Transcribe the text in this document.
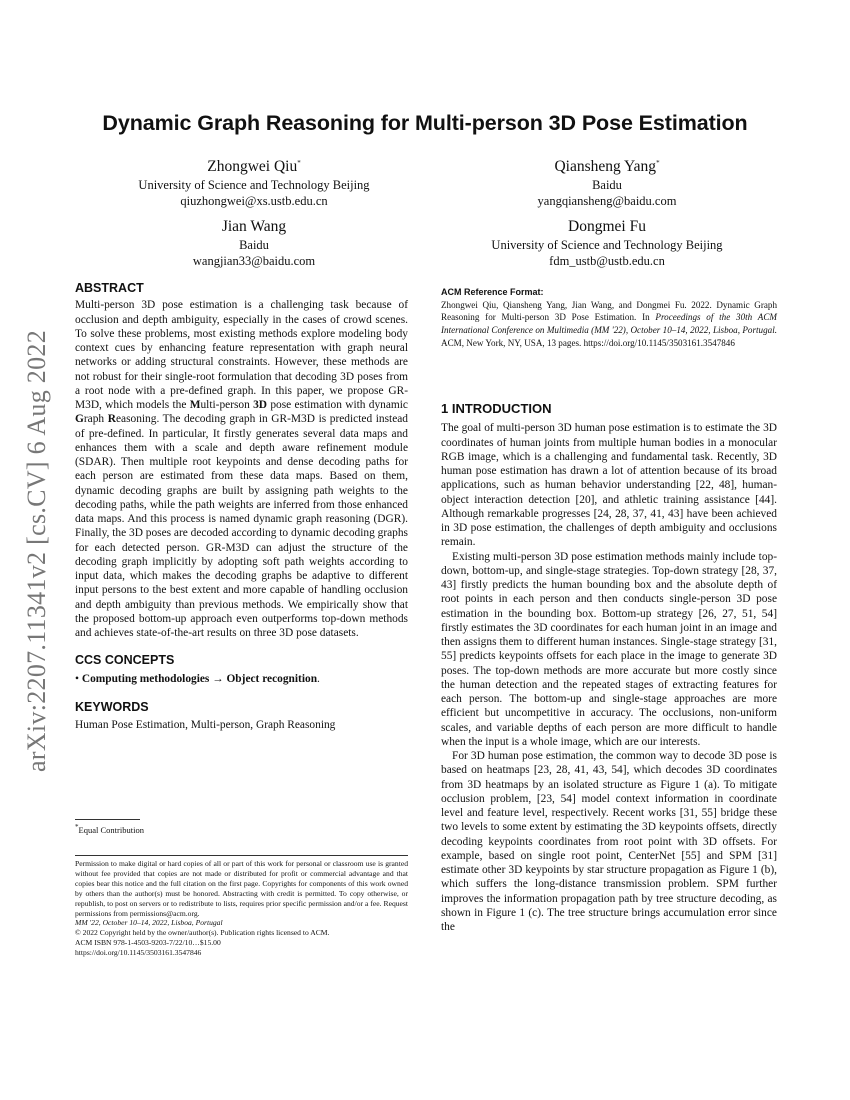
arXiv:2207.11341v2 [cs.CV] 6 Aug 2022
Dynamic Graph Reasoning for Multi-person 3D Pose Estimation
Zhongwei Qiu*
University of Science and Technology Beijing
qiuzhongwei@xs.ustb.edu.cn
Qiansheng Yang*
Baidu
yangqiansheng@baidu.com
Jian Wang
Baidu
wangjian33@baidu.com
Dongmei Fu
University of Science and Technology Beijing
fdm_ustb@ustb.edu.cn
ABSTRACT

Multi-person 3D pose estimation is a challenging task because of occlusion and depth ambiguity, especially in the cases of crowd scenes. To solve these problems, most existing methods explore modeling body context cues by enhancing feature representation with graph neural networks or adding structural constraints. However, these methods are not robust for their single-root formulation that decoding 3D poses from a root node with a pre-defined graph. In this paper, we propose GR-M3D, which models the Multi-person 3D pose estimation with dynamic Graph Reasoning. The decoding graph in GR-M3D is predicted instead of pre-defined. In particular, It firstly generates several data maps and enhances them with a scale and depth aware refinement module (SDAR). Then multiple root keypoints and dense decoding paths for each person are estimated from these data maps. Based on them, dynamic decoding graphs are built by assigning path weights to the decoding paths, while the path weights are inferred from those enhanced data maps. And this process is named dynamic graph reasoning (DGR). Finally, the 3D poses are decoded according to dynamic decoding graphs for each detected person. GR-M3D can adjust the structure of the decoding graph implicitly by adopting soft path weights according to input data, which makes the decoding graphs be adaptive to different input persons to the best extent and more capable of handling occlusion and depth ambiguity than previous methods. We empirically show that the proposed bottom-up approach even outperforms top-down methods and achieves state-of-the-art results on three 3D pose datasets.

CCS CONCEPTS

• Computing methodologies → Object recognition.

KEYWORDS

Human Pose Estimation, Multi-person, Graph Reasoning

*Equal Contribution

Permission to make digital or hard copies of all or part of this work for personal or classroom use is granted without fee provided that copies are not made or distributed for profit or commercial advantage and that copies bear this notice and the full citation on the first page. Copyrights for components of this work owned by others than the author(s) must be honored. Abstracting with credit is permitted. To copy otherwise, or republish, to post on servers or to redistribute to lists, requires prior specific permission and/or a fee. Request permissions from permissions@acm.org.

MM '22, October 10–14, 2022, Lisboa, Portugal

© 2022 Copyright held by the owner/author(s). Publication rights licensed to ACM.

ACM ISBN 978-1-4503-9203-7/22/10…$15.00

https://doi.org/10.1145/3503161.3547846

ACM Reference Format:

Zhongwei Qiu, Qiansheng Yang, Jian Wang, and Dongmei Fu. 2022. Dynamic Graph Reasoning for Multi-person 3D Pose Estimation. In Proceedings of the 30th ACM International Conference on Multimedia (MM '22), October 10–14, 2022, Lisboa, Portugal. ACM, New York, NY, USA, 13 pages. https://doi.org/10.1145/3503161.3547846

1 INTRODUCTION

The goal of multi-person 3D human pose estimation is to estimate the 3D coordinates of human joints from multiple human bodies in a monocular RGB image, which is a challenging and fundamental task. Recently, 3D human pose estimation has drawn a lot of attention because of its broad applications, such as human behavior understanding [22, 48], human-object interaction detection [20], and athletic training assistance [44]. Although remarkable progresses [24, 28, 37, 41, 43] have been achieved in 3D pose estimation, the challenges of depth ambiguity and occlusions remain.

Existing multi-person 3D pose estimation methods mainly include top-down, bottom-up, and single-stage strategies. Top-down strategy [28, 37, 43] firstly predicts the human bounding box and the absolute depth of root points in each person and then conducts single-person 3D pose estimation in the bounding box. Bottom-up strategy [26, 27, 51, 54] firstly estimates the 3D coordinates for each human joint in an image and then assigns them to different human instances. Single-stage strategy [31, 55] predicts keypoints offsets for each place in the image to generate 3D poses. The top-down methods are more accurate but more costly since the human detection and the repeated stages of extracting features for each person. The bottom-up and single-stage approaches are more efficient but uncompetitive in accuracy. The occlusions, non-uniform scales, and variable depths of each person are more difficult to handle when the input is a whole image, which are our interests.

For 3D human pose estimation, the common way to decode 3D pose is based on heatmaps [23, 28, 41, 43, 54], which decodes 3D coordinates from 3D heatmaps by an isolated structure as Figure 1 (a). To mitigate occlusion problem, [23, 54] model context information in coordinate level and feature level, respectively. Recent works [31, 55] bridge these two levels to some extent by estimating the 3D keypoints offsets, directly decoding keypoints coordinates from root point with 3D offsets. For example, based on single root point, CenterNet [55] and SPM [31] estimate other 3D keypoints by star structure propagation as Figure 1 (b), which suffers the long-distance transmission problem. SPM further improves the information propagation path by tree structure decoding, as shown in Figure 1 (c). The tree structure brings accumulation error since the
